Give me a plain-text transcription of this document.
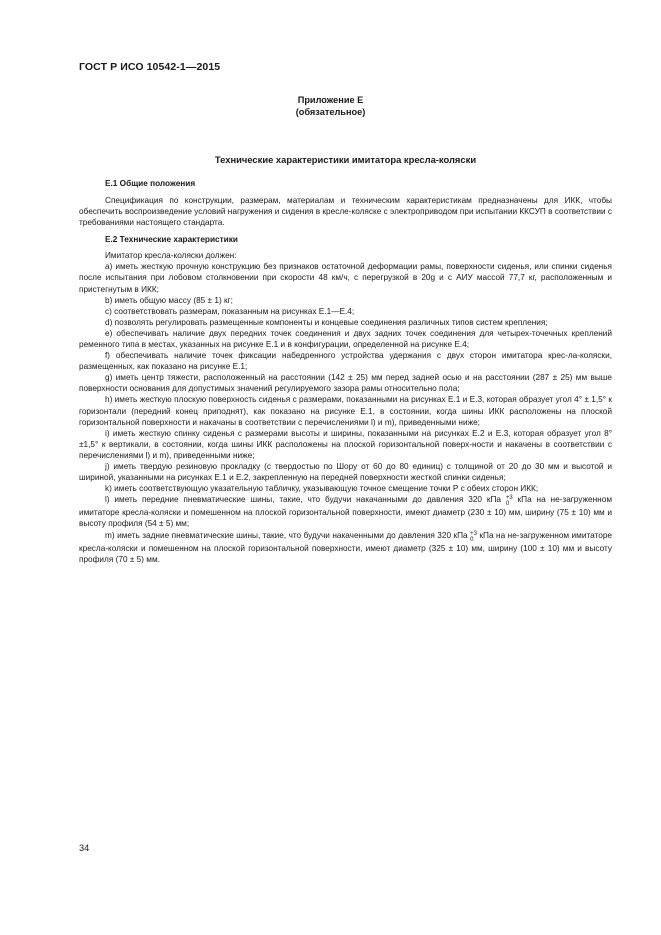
ГОСТ Р ИСО 10542-1—2015
Приложение Е
(обязательное)
Технические характеристики имитатора кресла-коляски
Е.1 Общие положения

Спецификация по конструкции, размерам, материалам и техническим характеристикам предназначены для ИКК, чтобы обеспечить воспроизведение условий нагружения и сидения в кресле-коляске с электроприводом при испытании ККСУП в соответствии с требованиями настоящего стандарта.

Е.2 Технические характеристики

Имитатор кресла-коляски должен:

a) иметь жесткую прочную конструкцию без признаков остаточной деформации рамы, поверхности сиденья, или спинки сиденья после испытания при лобовом столкновении при скорости 48 км/ч, с перегрузкой в 20g и с АИУ массой 77,7 кг, расположенным и пристегнутым в ИКК;

b) иметь общую массу (85 ± 1) кг;

c) соответствовать размерам, показанным на рисунках Е.1—Е.4;

d) позволять регулировать размещенные компоненты и концевые соединения различных типов систем крепления;

e) обеспечивать наличие двух передних точек соединения и двух задних точек соединения для четырех-точечных креплений ременного типа в местах, указанных на рисунке Е.1 и в конфигурации, определенной на рисунке Е.4;

f) обеспечивать наличие точек фиксации набедренного устройства удержания с двух сторон имитатора крес-ла-коляски, размещенных, как показано на рисунке Е.1;

g) иметь центр тяжести, расположенный на расстоянии (142 ± 25) мм перед задней осью и на расстоянии (287 ± 25) мм выше поверхности основания для допустимых значений регулируемого зазора рамы относительно пола;

h) иметь жесткую плоскую поверхность сиденья с размерами, показанными на рисунках Е.1 и Е.3, которая образует угол 4° ± 1,5° к горизонтали (передний конец приподнят), как показано на рисунке Е.1, в состоянии, когда шины ИКК расположены на плоской горизонтальной поверхности и накачаны в соответствии с перечислениями l) и m), приведенными ниже;

i) иметь жесткую спинку сиденья с размерами высоты и ширины, показанными на рисунках Е.2 и Е.3, которая образует угол 8° ±1,5° к вертикали, в состоянии, когда шины ИКК расположены на плоской горизонтальной поверх-ности и накачены в соответствии с перечислениями l) и m), приведенными ниже;

j) иметь твердую резиновую прокладку (с твердостью по Шору от 60 до 80 единиц) с толщиной от 20 до 30 мм и высотой и шириной, указанными на рисунках Е.1 и Е.2, закрепленную на передней поверхности жесткой спинки сиденья;

k) иметь соответствующую указательную табличку, указывающую точное смещение точки Р с обеих сторон ИКК;

l) иметь передние пневматические шины, такие, что будучи накачанными до давления 320 кПа +3
0 кПа на не-загруженном имитаторе кресла-коляски и помешенном на плоской горизонтальной поверхности, имеют диаметр (230 ± 10) мм, ширину (75 ± 10) мм и высоту профиля (54 ± 5) мм;

m) иметь задние пневматические шины, такие, что будучи накаченными до давления 320 кПа +3
0 кПа на не-загруженном имитаторе кресла-коляски и помешенном на плоской горизонтальной поверхности, имеют диаметр (325 ± 10) мм, ширину (100 ± 10) мм и высоту профиля (70 ± 5) мм.

34
